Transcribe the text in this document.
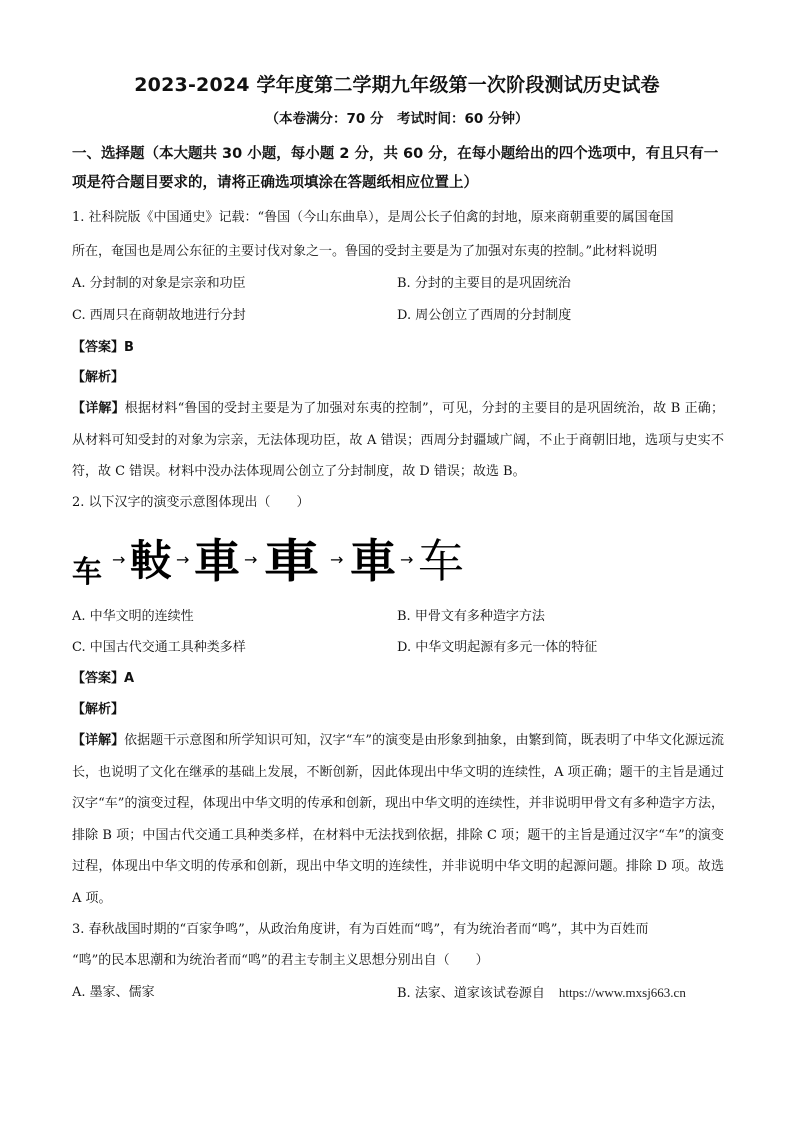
2023-2024 学年度第二学期九年级第一次阶段测试历史试卷
（本卷满分：70 分　考试时间：60 分钟）
一、选择题（本大题共 30 小题，每小题 2 分，共 60 分，在每小题给出的四个选项中，有且只有一项是符合题目要求的，请将正确选项填涂在答题纸相应位置上）
1. 社科院版《中国通史》记载：“鲁国（今山东曲阜），是周公长子伯禽的封地，原来商朝重要的属国奄国
所在，奄国也是周公东征的主要讨伐对象之一。鲁国的受封主要是为了加强对东夷的控制。”此材料说明
A. 分封制的对象是宗亲和功臣	B. 分封的主要目的是巩固统治
C. 西周只在商朝故地进行分封	D. 周公创立了西周的分封制度
【答案】B
【解析】
【详解】根据材料“鲁国的受封主要是为了加强对东夷的控制”，可见，分封的主要目的是巩固统治，故 B 正确；从材料可知受封的对象为宗亲，无法体现功臣，故 A 错误；西周分封疆域广阔，不止于商朝旧地，选项与史实不符，故 C 错误。材料中没办法体现周公创立了分封制度，故 D 错误；故选 B。
2. 以下汉字的演变示意图体现出（　　）
车 → 軙 → 車 → 車 → 車 → 车
A. 中华文明的连续性	B. 甲骨文有多种造字方法
C. 中国古代交通工具种类多样	D. 中华文明起源有多元一体的特征
【答案】A
【解析】
【详解】依据题干示意图和所学知识可知，汉字“车”的演变是由形象到抽象，由繁到简，既表明了中华文化源远流长，也说明了文化在继承的基础上发展，不断创新，因此体现出中华文明的连续性，A 项正确；题干的主旨是通过汉字“车”的演变过程，体现出中华文明的传承和创新，现出中华文明的连续性，并非说明甲骨文有多种造字方法，排除 B 项；中国古代交通工具种类多样，在材料中无法找到依据，排除 C 项；题干的主旨是通过汉字“车”的演变过程，体现出中华文明的传承和创新，现出中华文明的连续性，并非说明中华文明的起源问题。排除 D 项。故选 A 项。
3. 春秋战国时期的“百家争鸣”，从政治角度讲，有为百姓而“鸣”，有为统治者而“鸣”，其中为百姓而
“鸣”的民本思潮和为统治者而“鸣”的君主专制主义思想分别出自（　　）
A. 墨家、儒家	B. 法家、道家该试卷源自 https://www.mxsj663.cn
